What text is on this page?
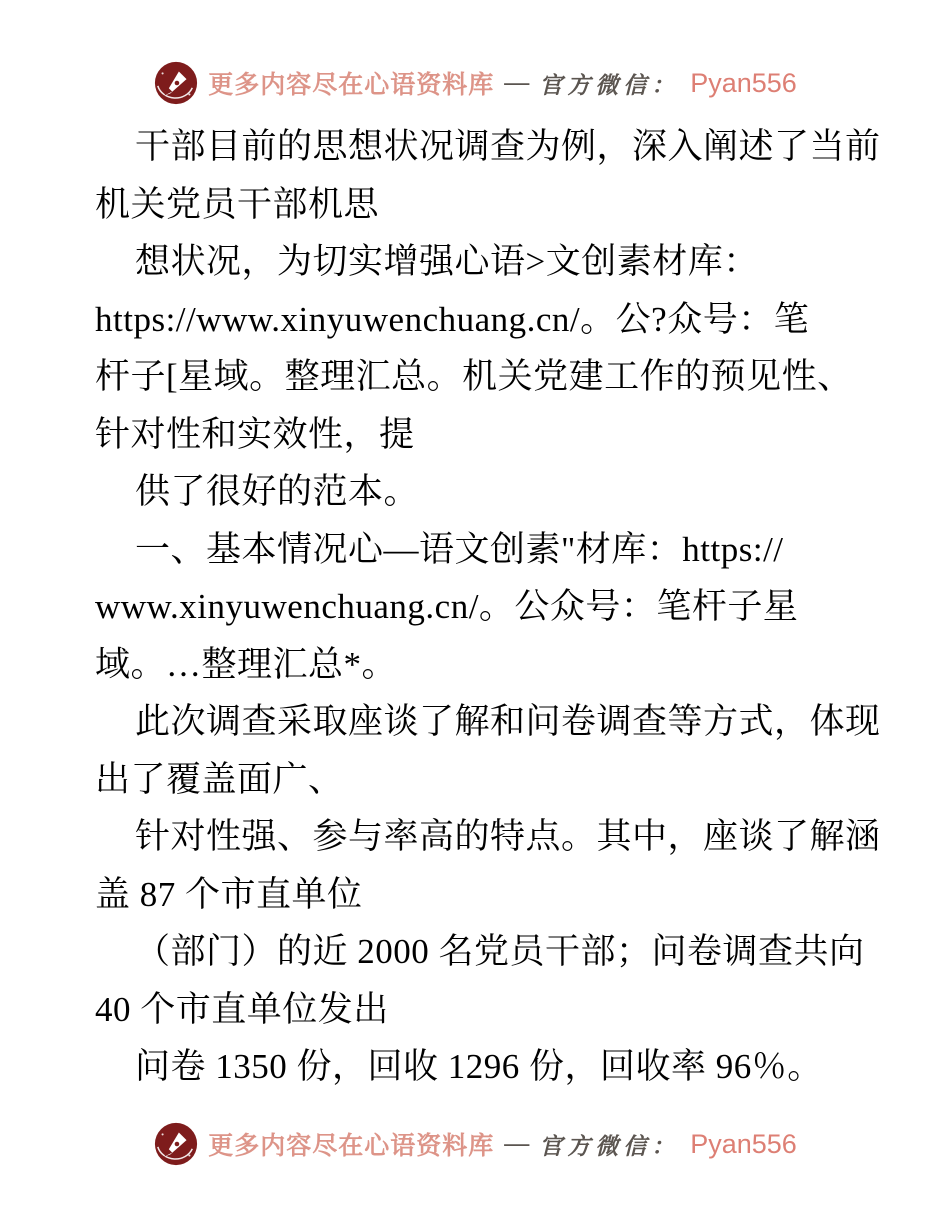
更多内容尽在心语资料库 — 官方微信： Pyan556
干部目前的思想状况调查为例，深入阐述了当前
机关党员干部机思
想状况，为切实增强心语>文创素材库：
https://www.xinyuwenchuang.cn/。公?众号：笔
杆子[星域。整理汇总。机关党建工作的预见性、
针对性和实效性，提
供了很好的范本。
一、基本情况心—语文创素"材库：https://
www.xinyuwenchuang.cn/。公众号：笔杆子星
域。…整理汇总*。
此次调查采取座谈了解和问卷调查等方式，体现
出了覆盖面广、
针对性强、参与率高的特点。其中，座谈了解涵
盖 87 个市直单位
（部门）的近 2000 名党员干部；问卷调查共向
40 个市直单位发出
问卷 1350 份，回收 1296 份，回收率 96％。
更多内容尽在心语资料库 — 官方微信： Pyan556
